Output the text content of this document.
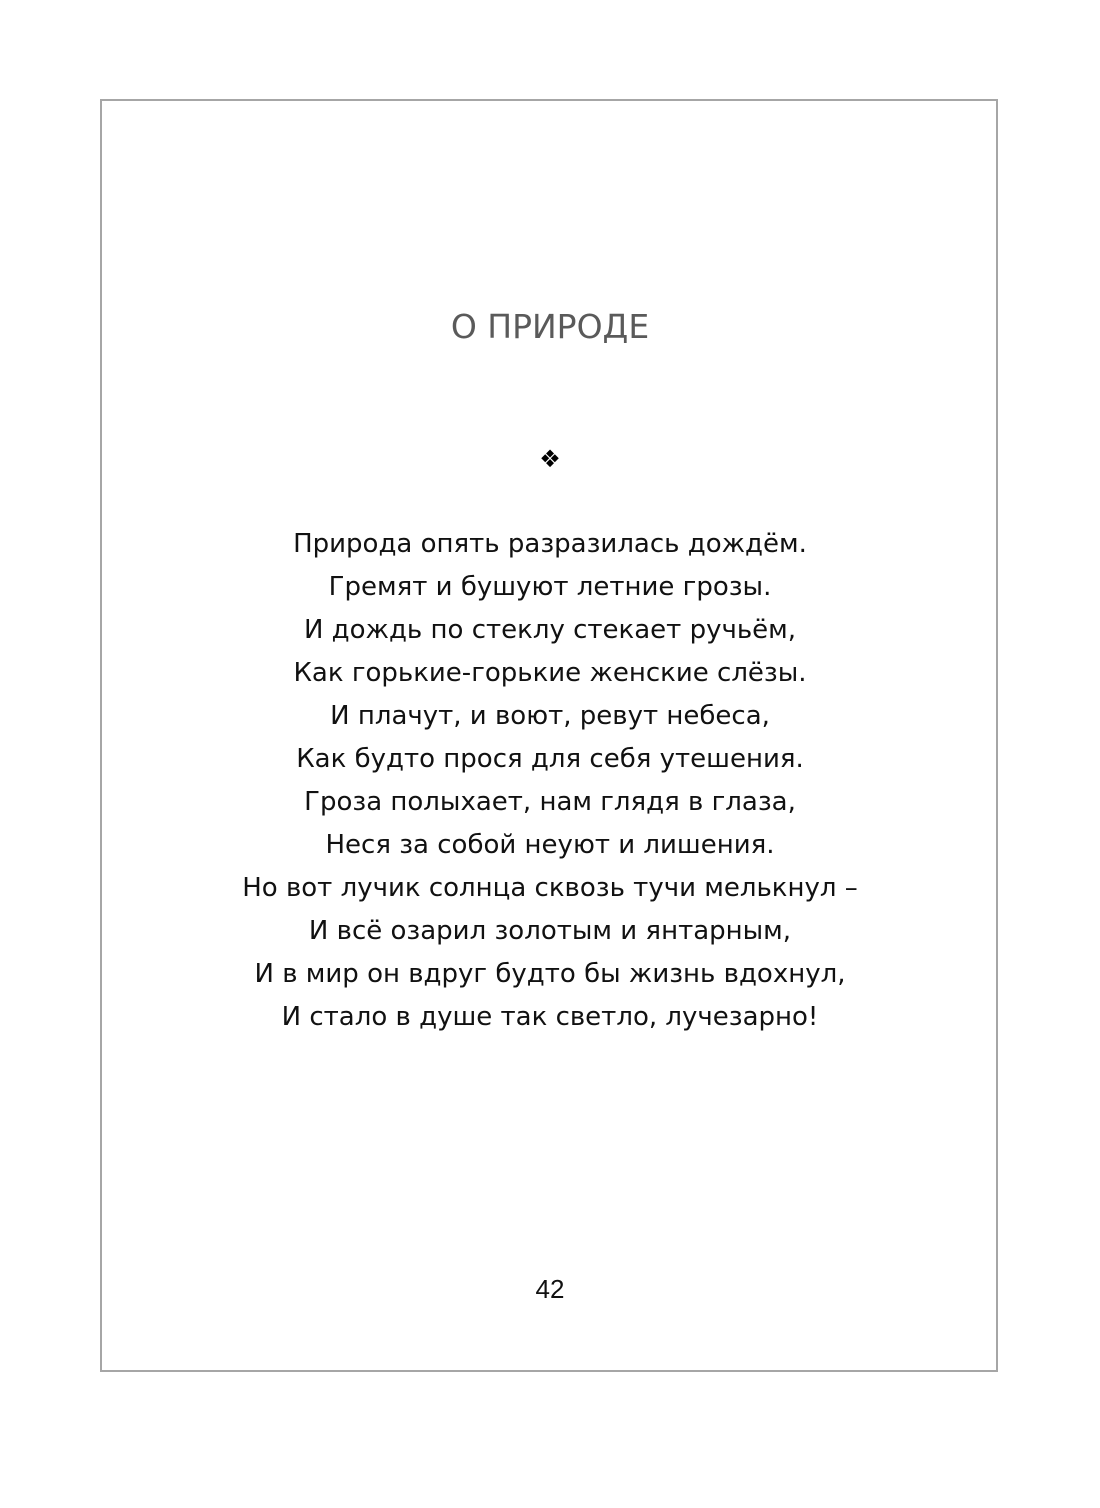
О ПРИРОДЕ
❖
Природа опять разразилась дождём.
Гремят и бушуют летние грозы.
И дождь по стеклу стекает ручьём,
Как горькие-горькие женские слёзы.
И плачут, и воют, ревут небеса,
Как будто прося для себя утешения.
Гроза полыхает, нам глядя в глаза,
Неся за собой неуют и лишения.
Но вот лучик солнца сквозь тучи мелькнул –
И всё озарил золотым и янтарным,
И в мир он вдруг будто бы жизнь вдохнул,
И стало в душе так светло, лучезарно!
42
